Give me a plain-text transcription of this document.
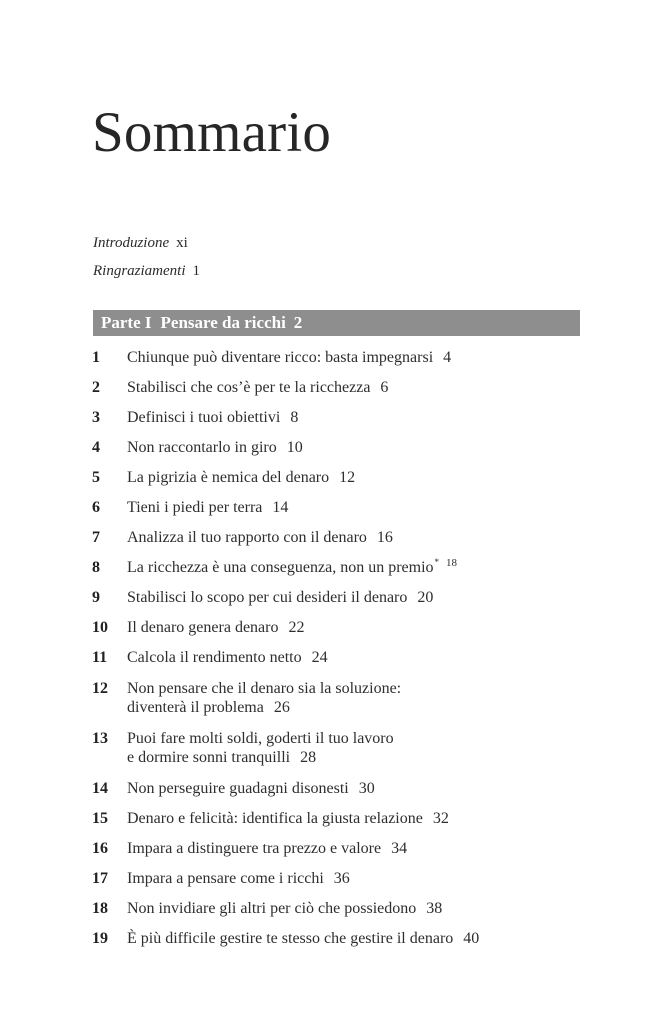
Sommario
Introduzione xi
Ringraziamenti 1
Parte I Pensare da ricchi 2
1 Chiunque può diventare ricco: basta impegnarsi 4
2 Stabilisci che cos’è per te la ricchezza 6
3 Definisci i tuoi obiettivi 8
4 Non raccontarlo in giro 10
5 La pigrizia è nemica del denaro 12
6 Tieni i piedi per terra 14
7 Analizza il tuo rapporto con il denaro 16
8 La ricchezza è una conseguenza, non un premio* $^{18}$
9 Stabilisci lo scopo per cui desideri il denaro 20
10 Il denaro genera denaro 22
11 Calcola il rendimento netto 24
12 Non pensare che il denaro sia la soluzione:
diventerà il problema 26
13 Puoi fare molti soldi, goderti il tuo lavoro
e dormire sonni tranquilli 28
14 Non perseguire guadagni disonesti 30
15 Denaro e felicità: identifica la giusta relazione 32
16 Impara a distinguere tra prezzo e valore 34
17 Impara a pensare come i ricchi 36
18 Non invidiare gli altri per ciò che possiedono 38
19 È più difficile gestire te stesso che gestire il denaro 40
